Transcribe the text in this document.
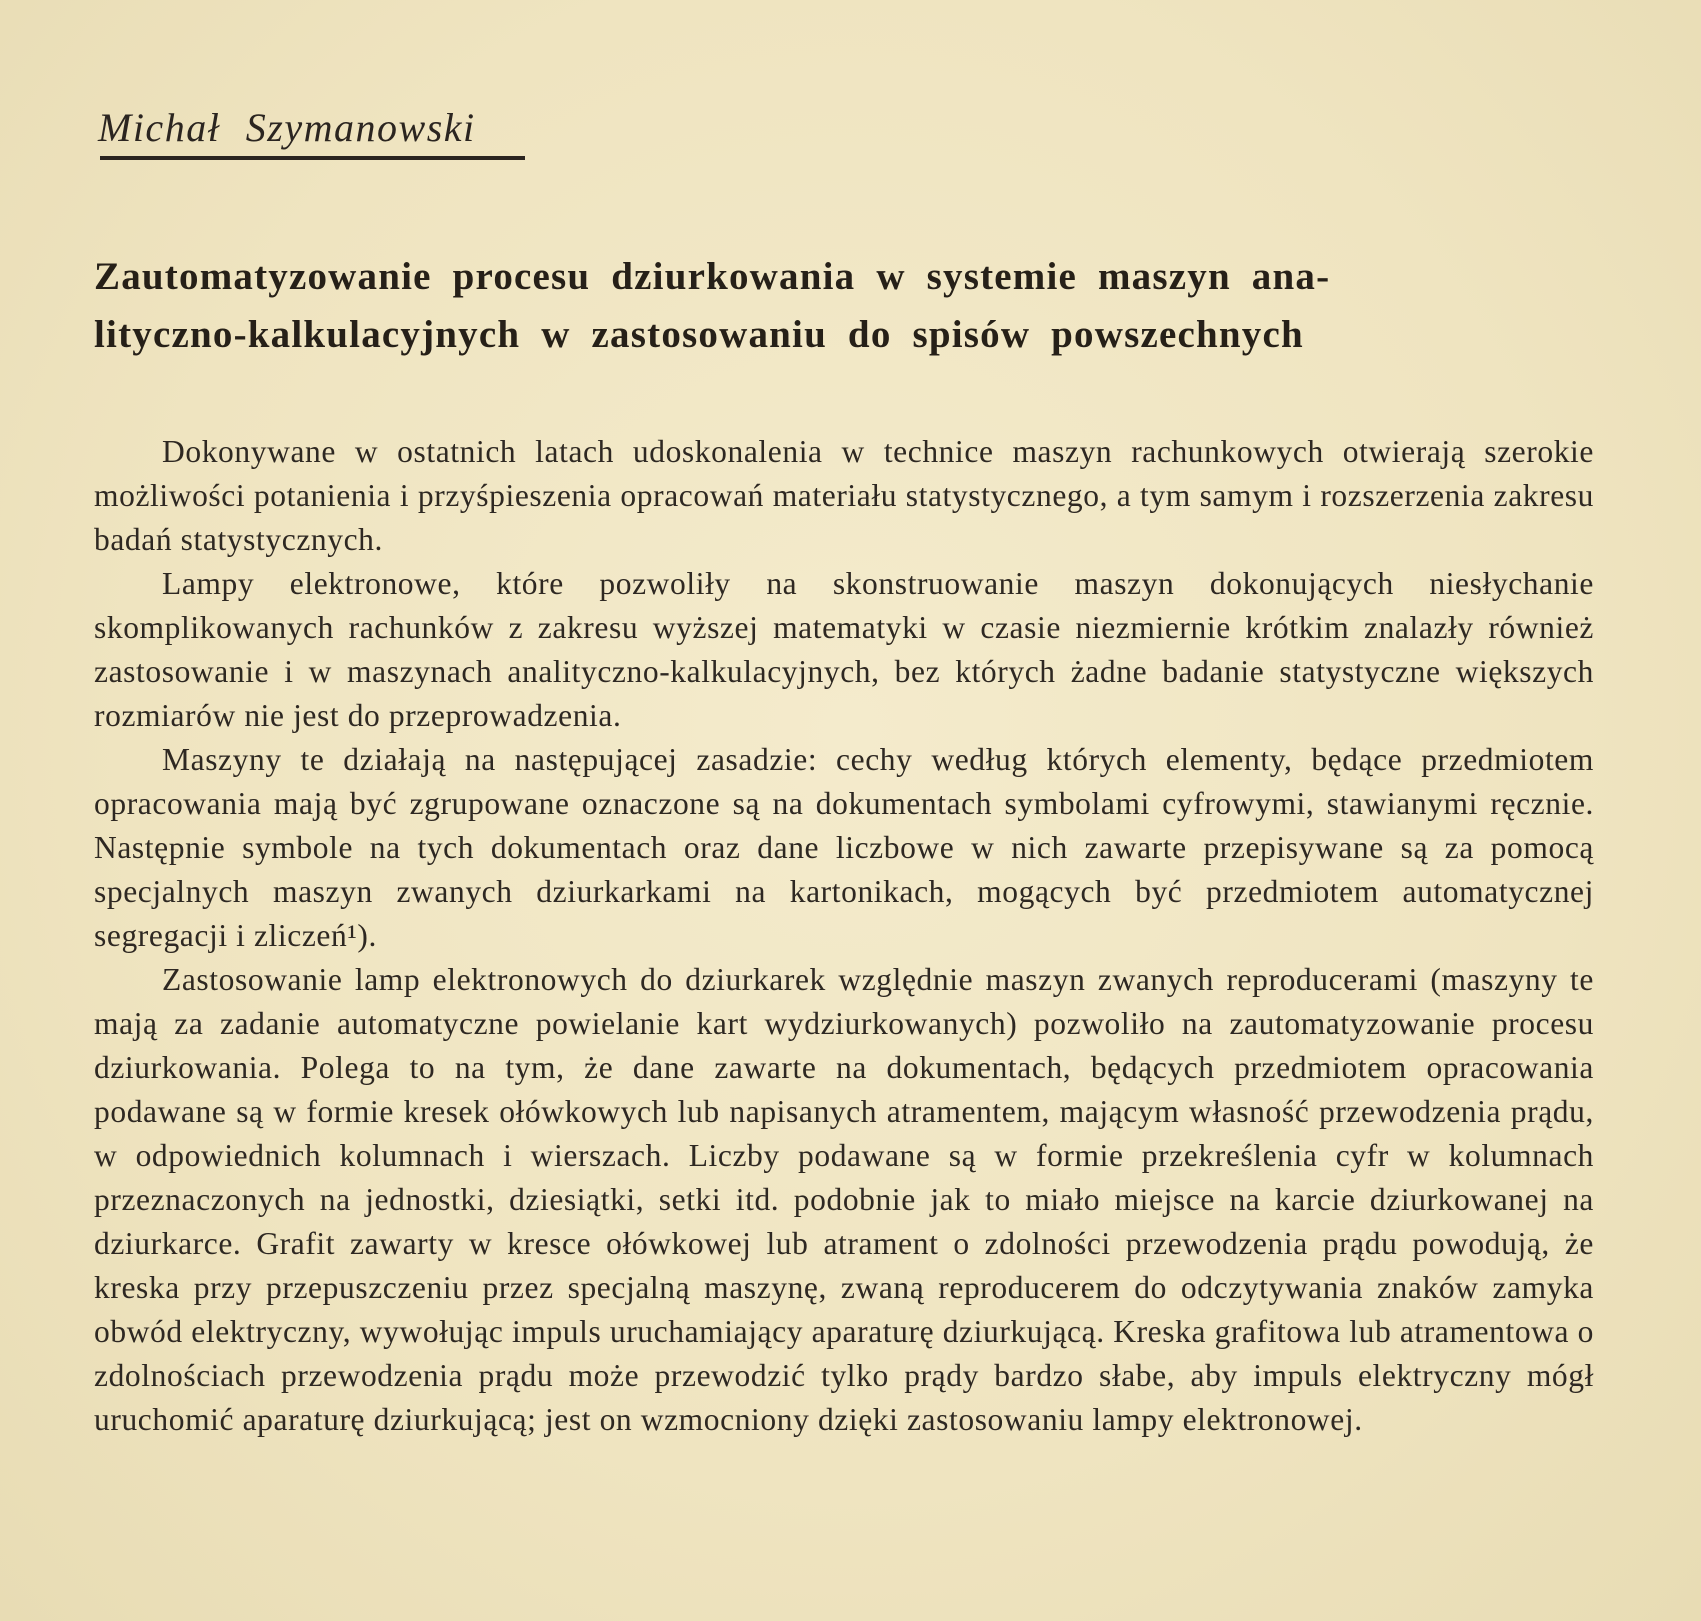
Michał Szymanowski
Zautomatyzowanie procesu dziurkowania w systemie maszyn ana-
lityczno-kalkulacyjnych w zastosowaniu do spisów powszechnych

Dokonywane w ostatnich latach udoskonalenia w technice maszyn rachunkowych otwierają szerokie możliwości potanienia i przyśpieszenia opracowań materiału statystycznego, a tym samym i rozszerzenia zakresu badań statystycznych.

Lampy elektronowe, które pozwoliły na skonstruowanie maszyn dokonujących niesłychanie skomplikowanych rachunków z zakresu wyższej matematyki w czasie niezmiernie krótkim znalazły również zastosowanie i w maszynach analityczno-kalkulacyjnych, bez których żadne badanie statystyczne większych rozmiarów nie jest do przeprowadzenia.

Maszyny te działają na następującej zasadzie: cechy według których elementy, będące przedmiotem opracowania mają być zgrupowane oznaczone są na dokumentach symbolami cyfrowymi, stawianymi ręcznie. Następnie symbole na tych dokumentach oraz dane liczbowe w nich zawarte przepisywane są za pomocą specjalnych maszyn zwanych dziurkarkami na kartonikach, mogących być przedmiotem automatycznej segregacji i zliczeń¹).

Zastosowanie lamp elektronowych do dziurkarek względnie maszyn zwanych reproducerami (maszyny te mają za zadanie automatyczne powielanie kart wydziurkowanych) pozwoliło na zautomatyzowanie procesu dziurkowania. Polega to na tym, że dane zawarte na dokumentach, będących przedmiotem opracowania podawane są w formie kresek ołówkowych lub napisanych atramentem, mającym własność przewodzenia prądu, w odpowiednich kolumnach i wierszach. Liczby podawane są w formie przekreślenia cyfr w kolumnach przeznaczonych na jednostki, dziesiątki, setki itd. podobnie jak to miało miejsce na karcie dziurkowanej na dziurkarce. Grafit zawarty w kresce ołówkowej lub atrament o zdolności przewodzenia prądu powodują, że kreska przy przepuszczeniu przez specjalną maszynę, zwaną reproducerem do odczytywania znaków zamyka obwód elektryczny, wywołując impuls uruchamiający aparaturę dziurkującą. Kreska grafitowa lub atramentowa o zdolnościach przewodzenia prądu może przewodzić tylko prądy bardzo słabe, aby impuls elektryczny mógł uruchomić aparaturę dziurkującą; jest on wzmocniony dzięki zastosowaniu lampy elektronowej.
